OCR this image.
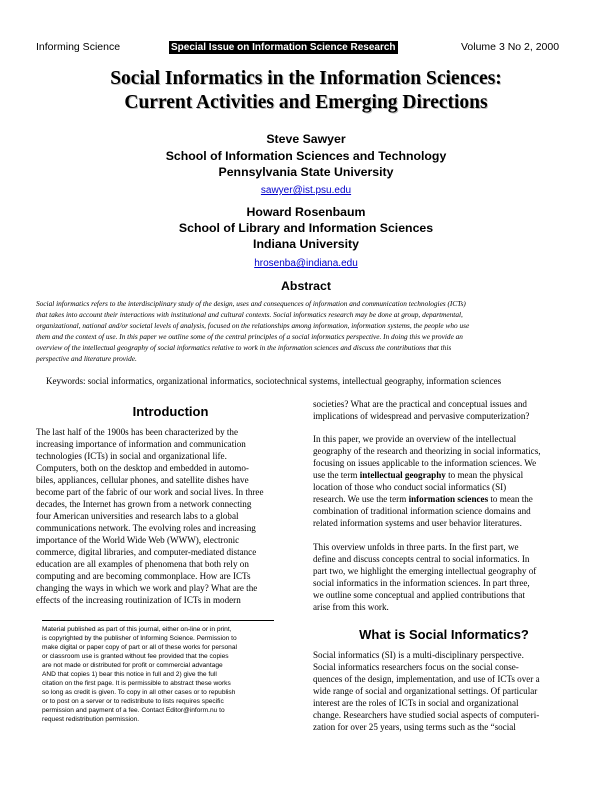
Informing Science	Special Issue on Information Science Research	Volume 3 No 2, 2000
Social Informatics in the Information Sciences:
Current Activities and Emerging Directions
Steve Sawyer
School of Information Sciences and Technology
Pennsylvania State University
sawyer@ist.psu.edu
Howard Rosenbaum
School of Library and Information Sciences
Indiana University
hrosenba@indiana.edu
Abstract
Social informatics refers to the interdisciplinary study of the design, uses and consequences of information and communication technologies (ICTs)
that takes into account their interactions with institutional and cultural contexts. Social informatics research may be done at group, departmental,
organizational, national and/or societal levels of analysis, focused on the relationships among information, information systems, the people who use
them and the context of use. In this paper we outline some of the central principles of a social informatics perspective. In doing this we provide an
overview of the intellectual geography of social informatics relative to work in the information sciences and discuss the contributions that this
perspective and literature provide.
Keywords: social informatics, organizational informatics, sociotechnical systems, intellectual geography, information sciences
Introduction
The last half of the 1900s has been characterized by the
increasing importance of information and communication
technologies (ICTs) in social and organizational life.
Computers, both on the desktop and embedded in automo-
biles, appliances, cellular phones, and satellite dishes have
become part of the fabric of our work and social lives. In three
decades, the Internet has grown from a network connecting
four American universities and research labs to a global
communications network. The evolving roles and increasing
importance of the World Wide Web (WWW), electronic
commerce, digital libraries, and computer-mediated distance
education are all examples of phenomena that both rely on
computing and are becoming commonplace. How are ICTs
changing the ways in which we work and play? What are the
effects of the increasing routinization of ICTs in modern
Material published as part of this journal, either on-line or in print,
is copyrighted by the publisher of Informing Science. Permission to
make digital or paper copy of part or all of these works for personal
or classroom use is granted without fee provided that the copies
are not made or distributed for profit or commercial advantage
AND that copies 1) bear this notice in full and 2) give the full
citation on the first page. It is permissible to abstract these works
so long as credit is given. To copy in all other cases or to republish
or to post on a server or to redistribute to lists requires specific
permission and payment of a fee. Contact Editor@inform.nu to
request redistribution permission.
societies? What are the practical and conceptual issues and
implications of widespread and pervasive computerization?
In this paper, we provide an overview of the intellectual
geography of the research and theorizing in social informatics,
focusing on issues applicable to the information sciences. We
use the term intellectual geography to mean the physical
location of those who conduct social informatics (SI)
research. We use the term information sciences to mean the
combination of traditional information science domains and
related information systems and user behavior literatures.
This overview unfolds in three parts. In the first part, we
define and discuss concepts central to social informatics. In
part two, we highlight the emerging intellectual geography of
social informatics in the information sciences. In part three,
we outline some conceptual and applied contributions that
arise from this work.
What is Social Informatics?
Social informatics (SI) is a multi-disciplinary perspective.
Social informatics researchers focus on the social conse-
quences of the design, implementation, and use of ICTs over a
wide range of social and organizational settings. Of particular
interest are the roles of ICTs in social and organizational
change. Researchers have studied social aspects of computeri-
zation for over 25 years, using terms such as the “social
